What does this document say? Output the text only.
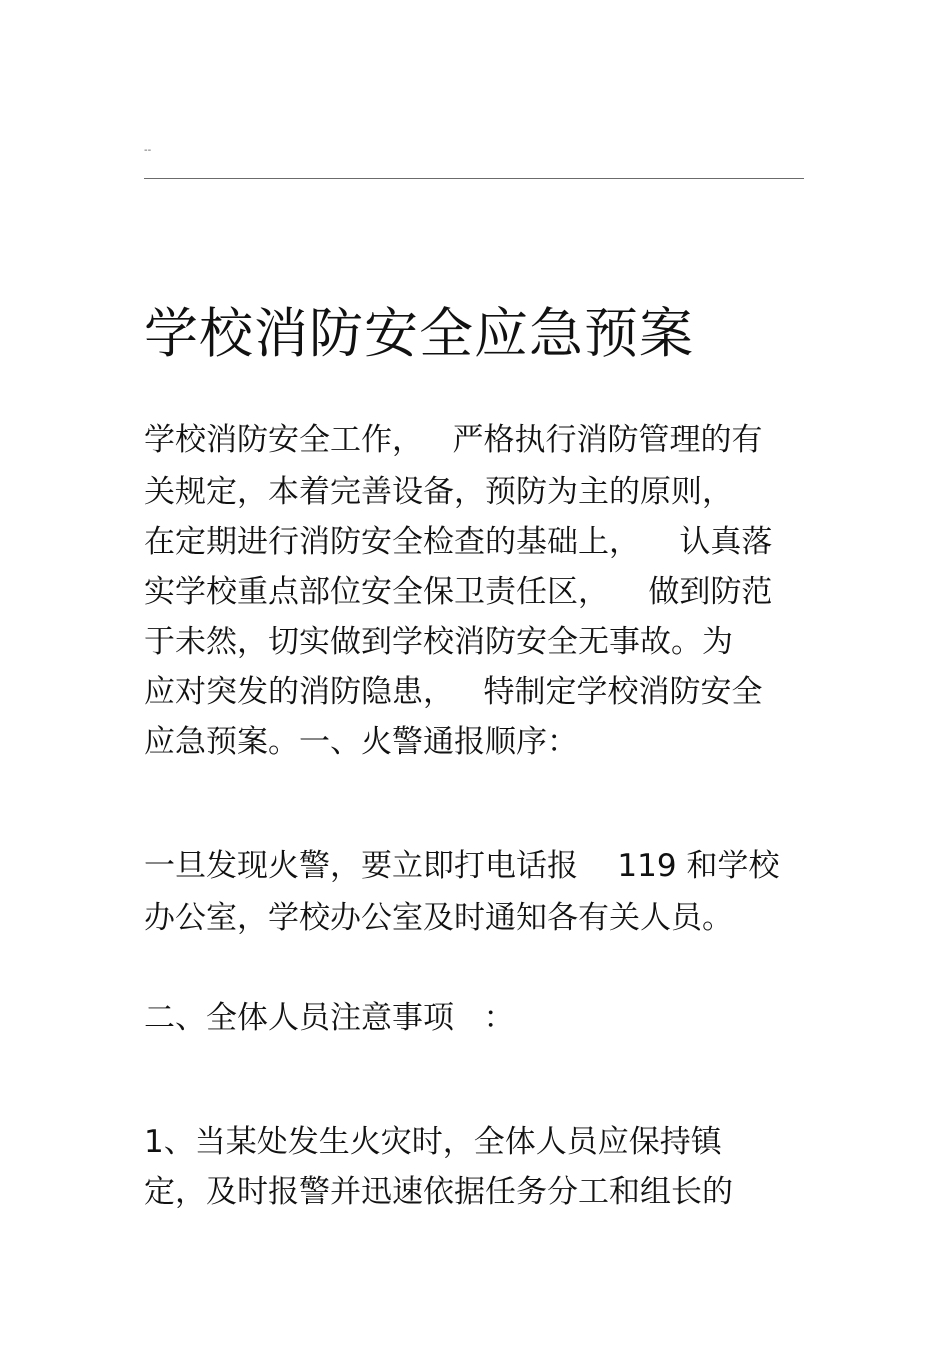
--
学校消防安全应急预案
学校消防安全工作，   严格执行消防管理的有
关规定，本着完善设备，预防为主的原则，
在定期进行消防安全检查的基础上，    认真落
实学校重点部位安全保卫责任区，    做到防范
于未然，切实做到学校消防安全无事故。为
应对突发的消防隐患，   特制定学校消防安全
应急预案。一、火警通报顺序：
一旦发现火警，要立即打电话报    119 和学校
办公室，学校办公室及时通知各有关人员。
二、全体人员注意事项   ：
1、当某处发生火灾时，全体人员应保持镇
定，及时报警并迅速依据任务分工和组长的
